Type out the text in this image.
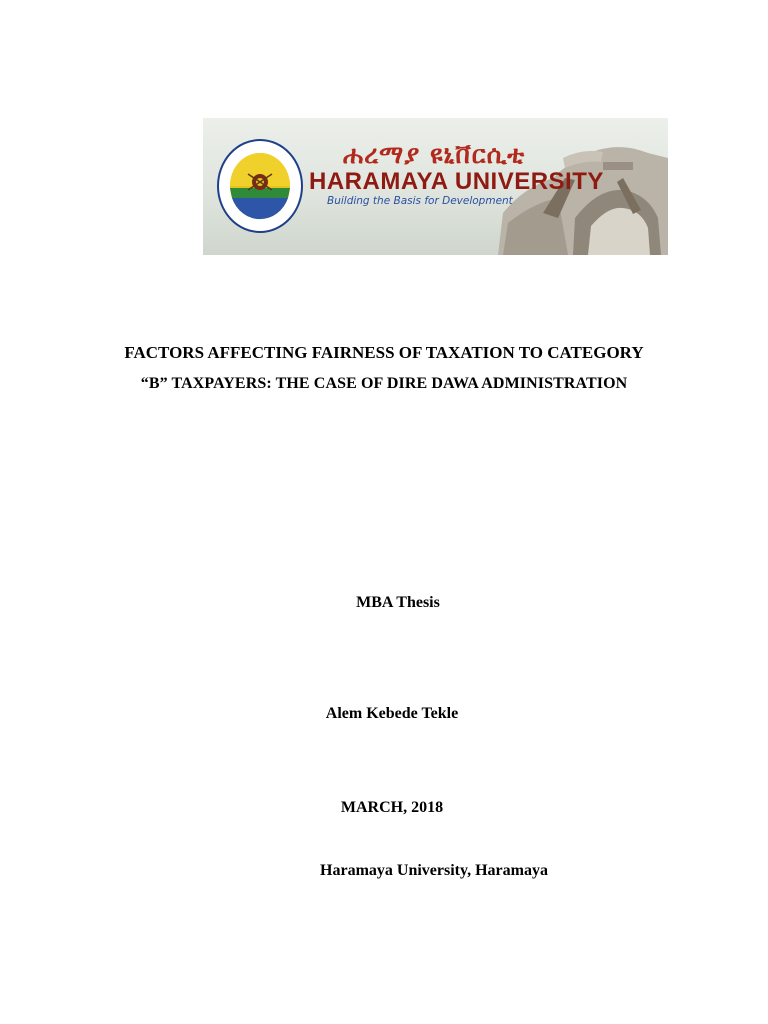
ሐረማያ ዩኒቨርሲቲ
HARAMAYA UNIVERSITY
Building the Basis for Development
FACTORS AFFECTING FAIRNESS OF TAXATION TO CATEGORY
“B” TAXPAYERS: THE CASE OF DIRE DAWA ADMINISTRATION
MBA Thesis
Alem Kebede Tekle
MARCH, 2018
Haramaya University, Haramaya
